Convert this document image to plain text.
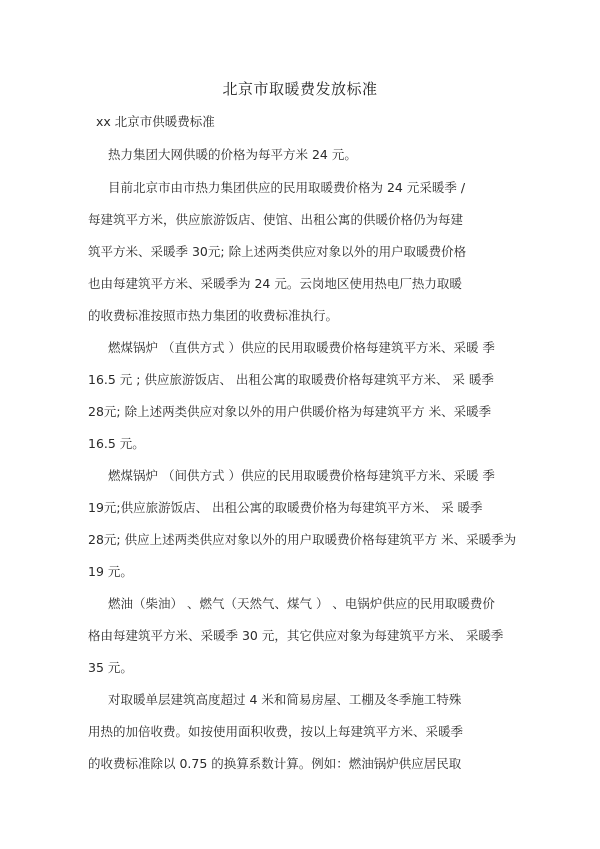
北京市取暖费发放标准
xx 北京市供暖费标准
热力集团大网供暖的价格为每平方米 24 元。
目前北京市由市热力集团供应的民用取暖费价格为 24 元采暖季 /
每建筑平方米，供应旅游饭店、使馆、出租公寓的供暖价格仍为每建
筑平方米、采暖季 30元; 除上述两类供应对象以外的用户取暖费价格
也由每建筑平方米、采暖季为 24 元。云岗地区使用热电厂热力取暖
的收费标准按照市热力集团的收费标准执行。
燃煤锅炉 （直供方式 ）供应的民用取暖费价格每建筑平方米、采暖 季
16.5 元 ; 供应旅游饭店、 出租公寓的取暖费价格每建筑平方米、 采 暖季
28元; 除上述两类供应对象以外的用户供暖价格为每建筑平方 米、采暖季
16.5 元。
燃煤锅炉 （间供方式 ）供应的民用取暖费价格每建筑平方米、采暖 季
19元;供应旅游饭店、 出租公寓的取暖费价格为每建筑平方米、 采 暖季
28元; 供应上述两类供应对象以外的用户取暖费价格每建筑平方 米、采暖季为
19 元。
燃油（柴油） 、燃气（天然气、煤气 ） 、电锅炉供应的民用取暖费价
格由每建筑平方米、采暖季 30 元，其它供应对象为每建筑平方米、 采暖季
35 元。
对取暖单层建筑高度超过 4 米和简易房屋、工棚及冬季施工特殊
用热的加倍收费。如按使用面积收费，按以上每建筑平方米、采暖季
的收费标准除以 0.75 的换算系数计算。例如：燃油锅炉供应居民取
